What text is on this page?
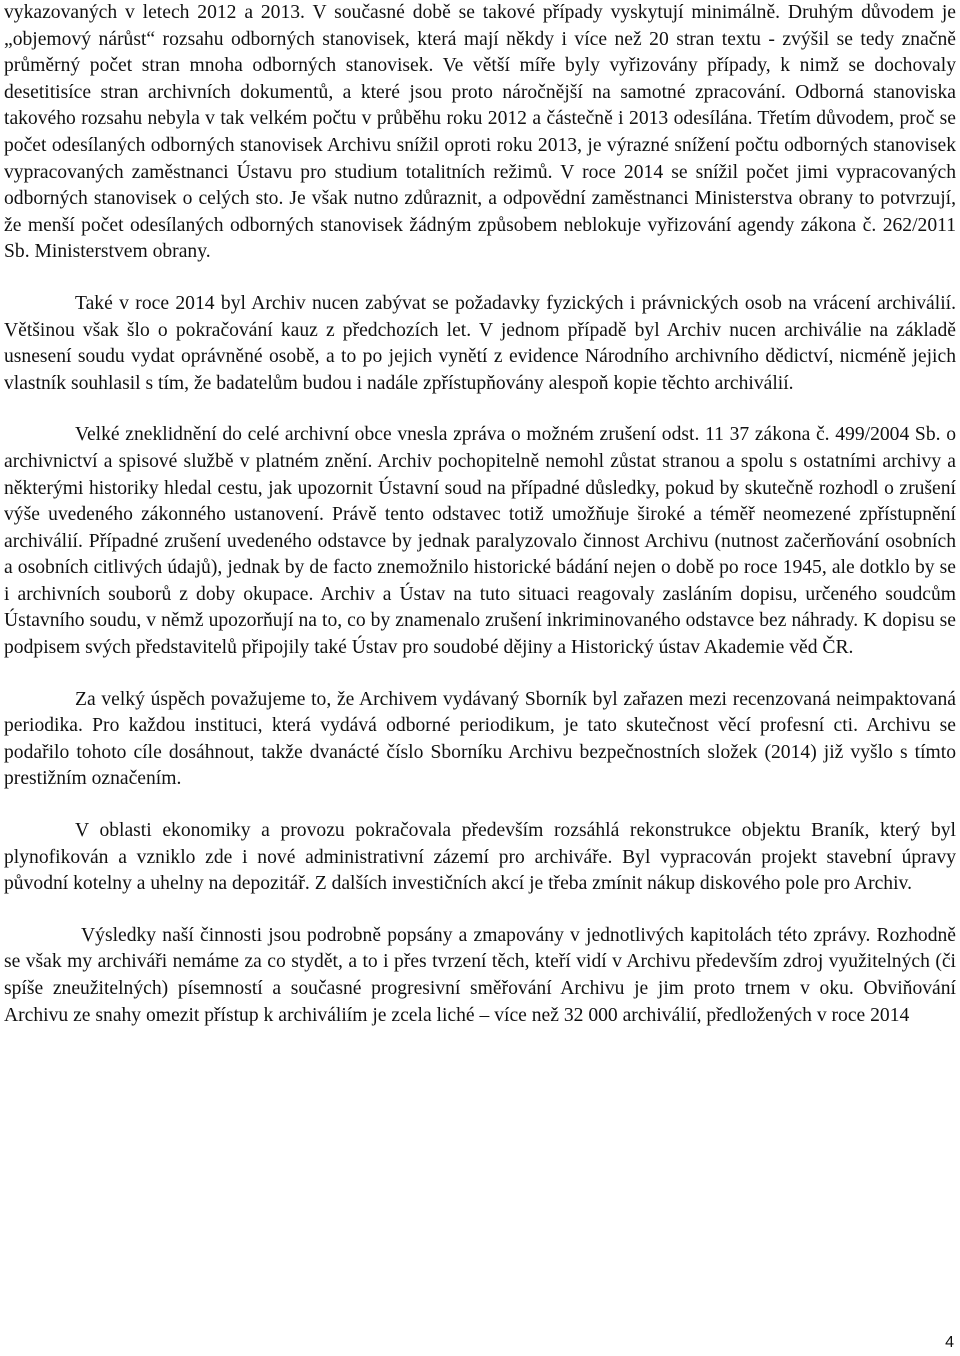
vykazovaných v letech 2012 a 2013. V současné době se takové případy vyskytují minimálně. Druhým důvodem je „objemový nárůst“ rozsahu odborných stanovisek, která mají někdy i více než 20 stran textu - zvýšil se tedy značně průměrný počet stran mnoha odborných stanovisek. Ve větší míře byly vyřizovány případy, k nimž se dochovaly desetitisíce stran archivních dokumentů, a které jsou proto náročnější na samotné zpracování. Odborná stanoviska takového rozsahu nebyla v tak velkém počtu v průběhu roku 2012 a částečně i 2013 odesílána. Třetím důvodem, proč se počet odesílaných odborných stanovisek Archivu snížil oproti roku 2013, je výrazné snížení počtu odborných stanovisek vypracovaných zaměstnanci Ústavu pro studium totalitních režimů. V roce 2014 se snížil počet jimi vypracovaných odborných stanovisek o celých sto. Je však nutno zdůraznit, a odpovědní zaměstnanci Ministerstva obrany to potvrzují, že menší počet odesílaných odborných stanovisek žádným způsobem neblokuje vyřizování agendy zákona č. 262/2011 Sb. Ministerstvem obrany.

Také v roce 2014 byl Archiv nucen zabývat se požadavky fyzických i právnických osob na vrácení archiválií. Většinou však šlo o pokračování kauz z předchozích let. V jednom případě byl Archiv nucen archiválie na základě usnesení soudu vydat oprávněné osobě, a to po jejich vynětí z evidence Národního archivního dědictví, nicméně jejich vlastník souhlasil s tím, že badatelům budou i nadále zpřístupňovány alespoň kopie těchto archiválií.

Velké zneklidnění do celé archivní obce vnesla zpráva o možném zrušení odst. 11 37 zákona č. 499/2004 Sb. o archivnictví a spisové službě v platném znění. Archiv pochopitelně nemohl zůstat stranou a spolu s ostatními archivy a některými historiky hledal cestu, jak upozornit Ústavní soud na případné důsledky, pokud by skutečně rozhodl o zrušení výše uvedeného zákonného ustanovení. Právě tento odstavec totiž umožňuje široké a téměř neomezené zpřístupnění archiválií. Případné zrušení uvedeného odstavce by jednak paralyzovalo činnost Archivu (nutnost začerňování osobních a osobních citlivých údajů), jednak by de facto znemožnilo historické bádání nejen o době po roce 1945, ale dotklo by se i archivních souborů z doby okupace. Archiv a Ústav na tuto situaci reagovaly zasláním dopisu, určeného soudcům Ústavního soudu, v němž upozorňují na to, co by znamenalo zrušení inkriminovaného odstavce bez náhrady. K dopisu se podpisem svých představitelů připojily také Ústav pro soudobé dějiny a Historický ústav Akademie věd ČR.

Za velký úspěch považujeme to, že Archivem vydávaný Sborník byl zařazen mezi recenzovaná neimpaktovaná periodika. Pro každou instituci, která vydává odborné periodikum, je tato skutečnost věcí profesní cti. Archivu se podařilo tohoto cíle dosáhnout, takže dvanácté číslo Sborníku Archivu bezpečnostních složek (2014) již vyšlo s tímto prestižním označením.

V oblasti ekonomiky a provozu pokračovala především rozsáhlá rekonstrukce objektu Braník, který byl plynofikován a vzniklo zde i nové administrativní zázemí pro archiváře. Byl vypracován projekt stavební úpravy původní kotelny a uhelny na depozitář. Z dalších investičních akcí je třeba zmínit nákup diskového pole pro Archiv.

Výsledky naší činnosti jsou podrobně popsány a zmapovány v jednotlivých kapitolách této zprávy. Rozhodně se však my archiváři nemáme za co stydět, a to i přes tvrzení těch, kteří vidí v Archivu především zdroj využitelných (či spíše zneužitelných) písemností a současné progresivní směřování Archivu je jim proto trnem v oku. Obviňování Archivu ze snahy omezit přístup k archiváliím je zcela liché – více než 32 000 archiválií, předložených v roce 2014

4
